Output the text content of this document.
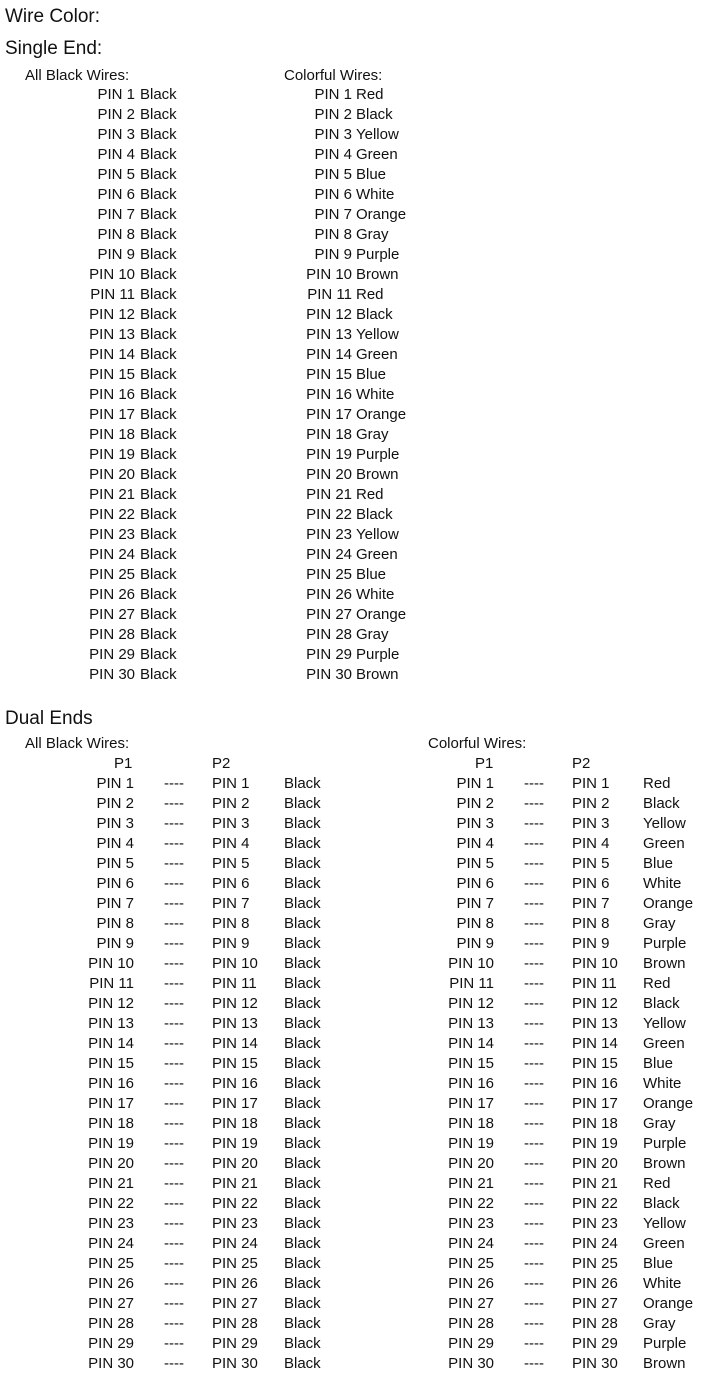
Wire Color:
Single End:
All Black Wires:	Colorful Wires:
PIN 1 Black
PIN 2 Black
PIN 3 Black
PIN 4 Black
PIN 5 Black
PIN 6 Black
PIN 7 Black
PIN 8 Black
PIN 9 Black
PIN 10 Black
PIN 11 Black
PIN 12 Black
PIN 13 Black
PIN 14 Black
PIN 15 Black
PIN 16 Black
PIN 17 Black
PIN 18 Black
PIN 19 Black
PIN 20 Black
PIN 21 Black
PIN 22 Black
PIN 23 Black
PIN 24 Black
PIN 25 Black
PIN 26 Black
PIN 27 Black
PIN 28 Black
PIN 29 Black
PIN 30 Black
PIN 1 Red
PIN 2 Black
PIN 3 Yellow
PIN 4 Green
PIN 5 Blue
PIN 6 White
PIN 7 Orange
PIN 8 Gray
PIN 9 Purple
PIN 10 Brown
PIN 11 Red
PIN 12 Black
PIN 13 Yellow
PIN 14 Green
PIN 15 Blue
PIN 16 White
PIN 17 Orange
PIN 18 Gray
PIN 19 Purple
PIN 20 Brown
PIN 21 Red
PIN 22 Black
PIN 23 Yellow
PIN 24 Green
PIN 25 Blue
PIN 26 White
PIN 27 Orange
PIN 28 Gray
PIN 29 Purple
PIN 30 Brown
Dual Ends
All Black Wires:	Colorful Wires:
P1	P2	P1	P2
PIN 1 ---- PIN 1 Black
PIN 2 ---- PIN 2 Black
PIN 3 ---- PIN 3 Black
PIN 4 ---- PIN 4 Black
PIN 5 ---- PIN 5 Black
PIN 6 ---- PIN 6 Black
PIN 7 ---- PIN 7 Black
PIN 8 ---- PIN 8 Black
PIN 9 ---- PIN 9 Black
PIN 10 ---- PIN 10 Black
PIN 11 ---- PIN 11 Black
PIN 12 ---- PIN 12 Black
PIN 13 ---- PIN 13 Black
PIN 14 ---- PIN 14 Black
PIN 15 ---- PIN 15 Black
PIN 16 ---- PIN 16 Black
PIN 17 ---- PIN 17 Black
PIN 18 ---- PIN 18 Black
PIN 19 ---- PIN 19 Black
PIN 20 ---- PIN 20 Black
PIN 21 ---- PIN 21 Black
PIN 22 ---- PIN 22 Black
PIN 23 ---- PIN 23 Black
PIN 24 ---- PIN 24 Black
PIN 25 ---- PIN 25 Black
PIN 26 ---- PIN 26 Black
PIN 27 ---- PIN 27 Black
PIN 28 ---- PIN 28 Black
PIN 29 ---- PIN 29 Black
PIN 30 ---- PIN 30 Black
PIN 1 ---- PIN 1 Red
PIN 2 ---- PIN 2 Black
PIN 3 ---- PIN 3 Yellow
PIN 4 ---- PIN 4 Green
PIN 5 ---- PIN 5 Blue
PIN 6 ---- PIN 6 White
PIN 7 ---- PIN 7 Orange
PIN 8 ---- PIN 8 Gray
PIN 9 ---- PIN 9 Purple
PIN 10 ---- PIN 10 Brown
PIN 11 ---- PIN 11 Red
PIN 12 ---- PIN 12 Black
PIN 13 ---- PIN 13 Yellow
PIN 14 ---- PIN 14 Green
PIN 15 ---- PIN 15 Blue
PIN 16 ---- PIN 16 White
PIN 17 ---- PIN 17 Orange
PIN 18 ---- PIN 18 Gray
PIN 19 ---- PIN 19 Purple
PIN 20 ---- PIN 20 Brown
PIN 21 ---- PIN 21 Red
PIN 22 ---- PIN 22 Black
PIN 23 ---- PIN 23 Yellow
PIN 24 ---- PIN 24 Green
PIN 25 ---- PIN 25 Blue
PIN 26 ---- PIN 26 White
PIN 27 ---- PIN 27 Orange
PIN 28 ---- PIN 28 Gray
PIN 29 ---- PIN 29 Purple
PIN 30 ---- PIN 30 Brown
